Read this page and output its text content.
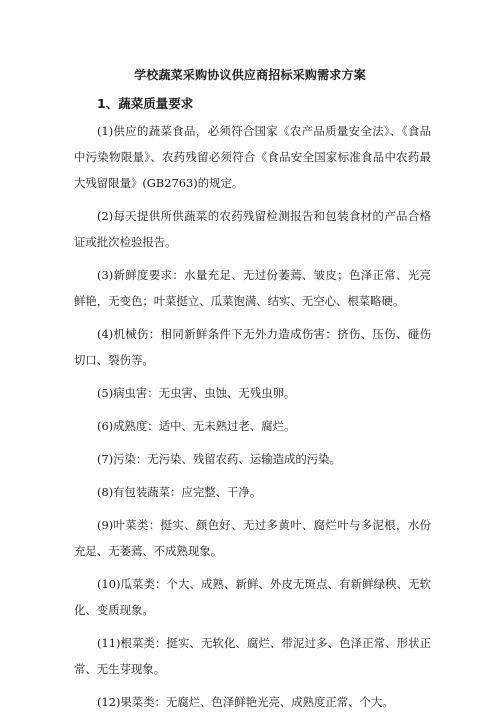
学校蔬菜采购协议供应商招标采购需求方案
1、蔬菜质量要求

(1)供应的蔬菜食品，必须符合国家《农产品质量安全法》、《食品中污染物限量》、农药残留必须符合《食品安全国家标准食品中农药最大残留限量》(GB2763)的规定。

(2)每天提供所供蔬菜的农药残留检测报告和包装食材的产品合格证或批次检验报告。

(3)新鲜度要求：水量充足、无过份萎蔫、皱皮；色泽正常、光亮鲜艳，无变色；叶菜挺立、瓜菜饱满、结实、无空心、根菜略硬。

(4)机械伤：相同新鲜条件下无外力造成伤害：挤伤、压伤、碰伤切口、裂伤等。

(5)病虫害：无虫害、虫蚀、无残虫卵。

(6)成熟度：适中、无未熟过老、腐烂。

(7)污染：无污染、残留农药、运输造成的污染。

(8)有包装蔬菜：应完整、干净。

(9)叶菜类：挺实、颜色好、无过多黄叶、腐烂叶与多泥根，水份充足、无萎蔫、不成熟现象。

(10)瓜菜类：个大、成熟、新鲜、外皮无斑点、有新鲜绿秧、无软化、变质现象。

(11)根菜类：挺实、无软化、腐烂、带泥过多、色泽正常、形状正常、无生芽现象。

(12)果菜类：无腐烂、色泽鲜艳光亮、成熟度正常、个大。
